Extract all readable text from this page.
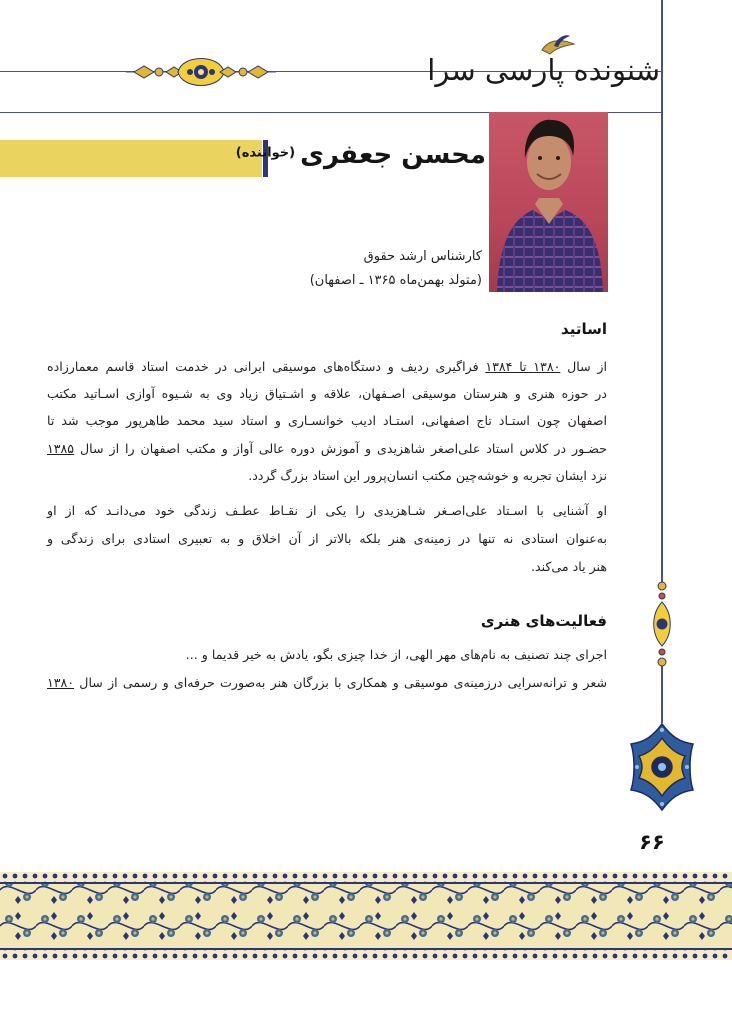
شنونده پارسی سرا
محسن جعفری $^{(خواننده)}$
کارشناس ارشد حقوق
(متولد بهمن‌ماه ۱۳۶۵ ـ اصفهان)
اساتید
از سال ۱۳۸۰ تا ۱۳۸۴ فراگیری ردیف و دستگاه‌های موسیقی ایرانی در خدمت استاد قاسم معمارزاده
در حوزه هنری و هنرستان موسیقی اصـفهان، علاقه و اشـتیاق زیاد وی به شـیوه آوازی اسـاتید مکتب
اصفهان چون استـاد تاج اصفهانی، استـاد ادیب خوانسـاری و استاد سید محمد طاهرپور موجب شد تا
حضـور در کلاس استاد علی‌اصغر شاهزیدی و آموزش دوره عالی آواز و مکتب اصفهان را از سال ۱۳۸۵
نزد ایشان تجربه و خوشه‌چین مکتب انسان‌پرور این استاد بزرگ گردد.
او آشنایی با اسـتاد علی‌اصـغر شـاهزیدی را یکی از نقـاط عطـف زندگی خود می‌دانـد که از او
به‌عنوان استادی نه تنها در زمینه‌ی هنر بلکه بالاتر از آن اخلاق و به تعبیری استادی برای زندگی و
هنر یاد می‌کند.
فعالیت‌های هنری
اجرای چند تصنیف به نام‌های مهر الهی، از خدا چیزی بگو، یادش به خیر قدیما و ...
شعر و ترانه‌سرایی درزمینه‌ی موسیقی و همکاری با بزرگان هنر به‌صورت حرفه‌ای و رسمی از سال ۱۳۸۰
۶۶
